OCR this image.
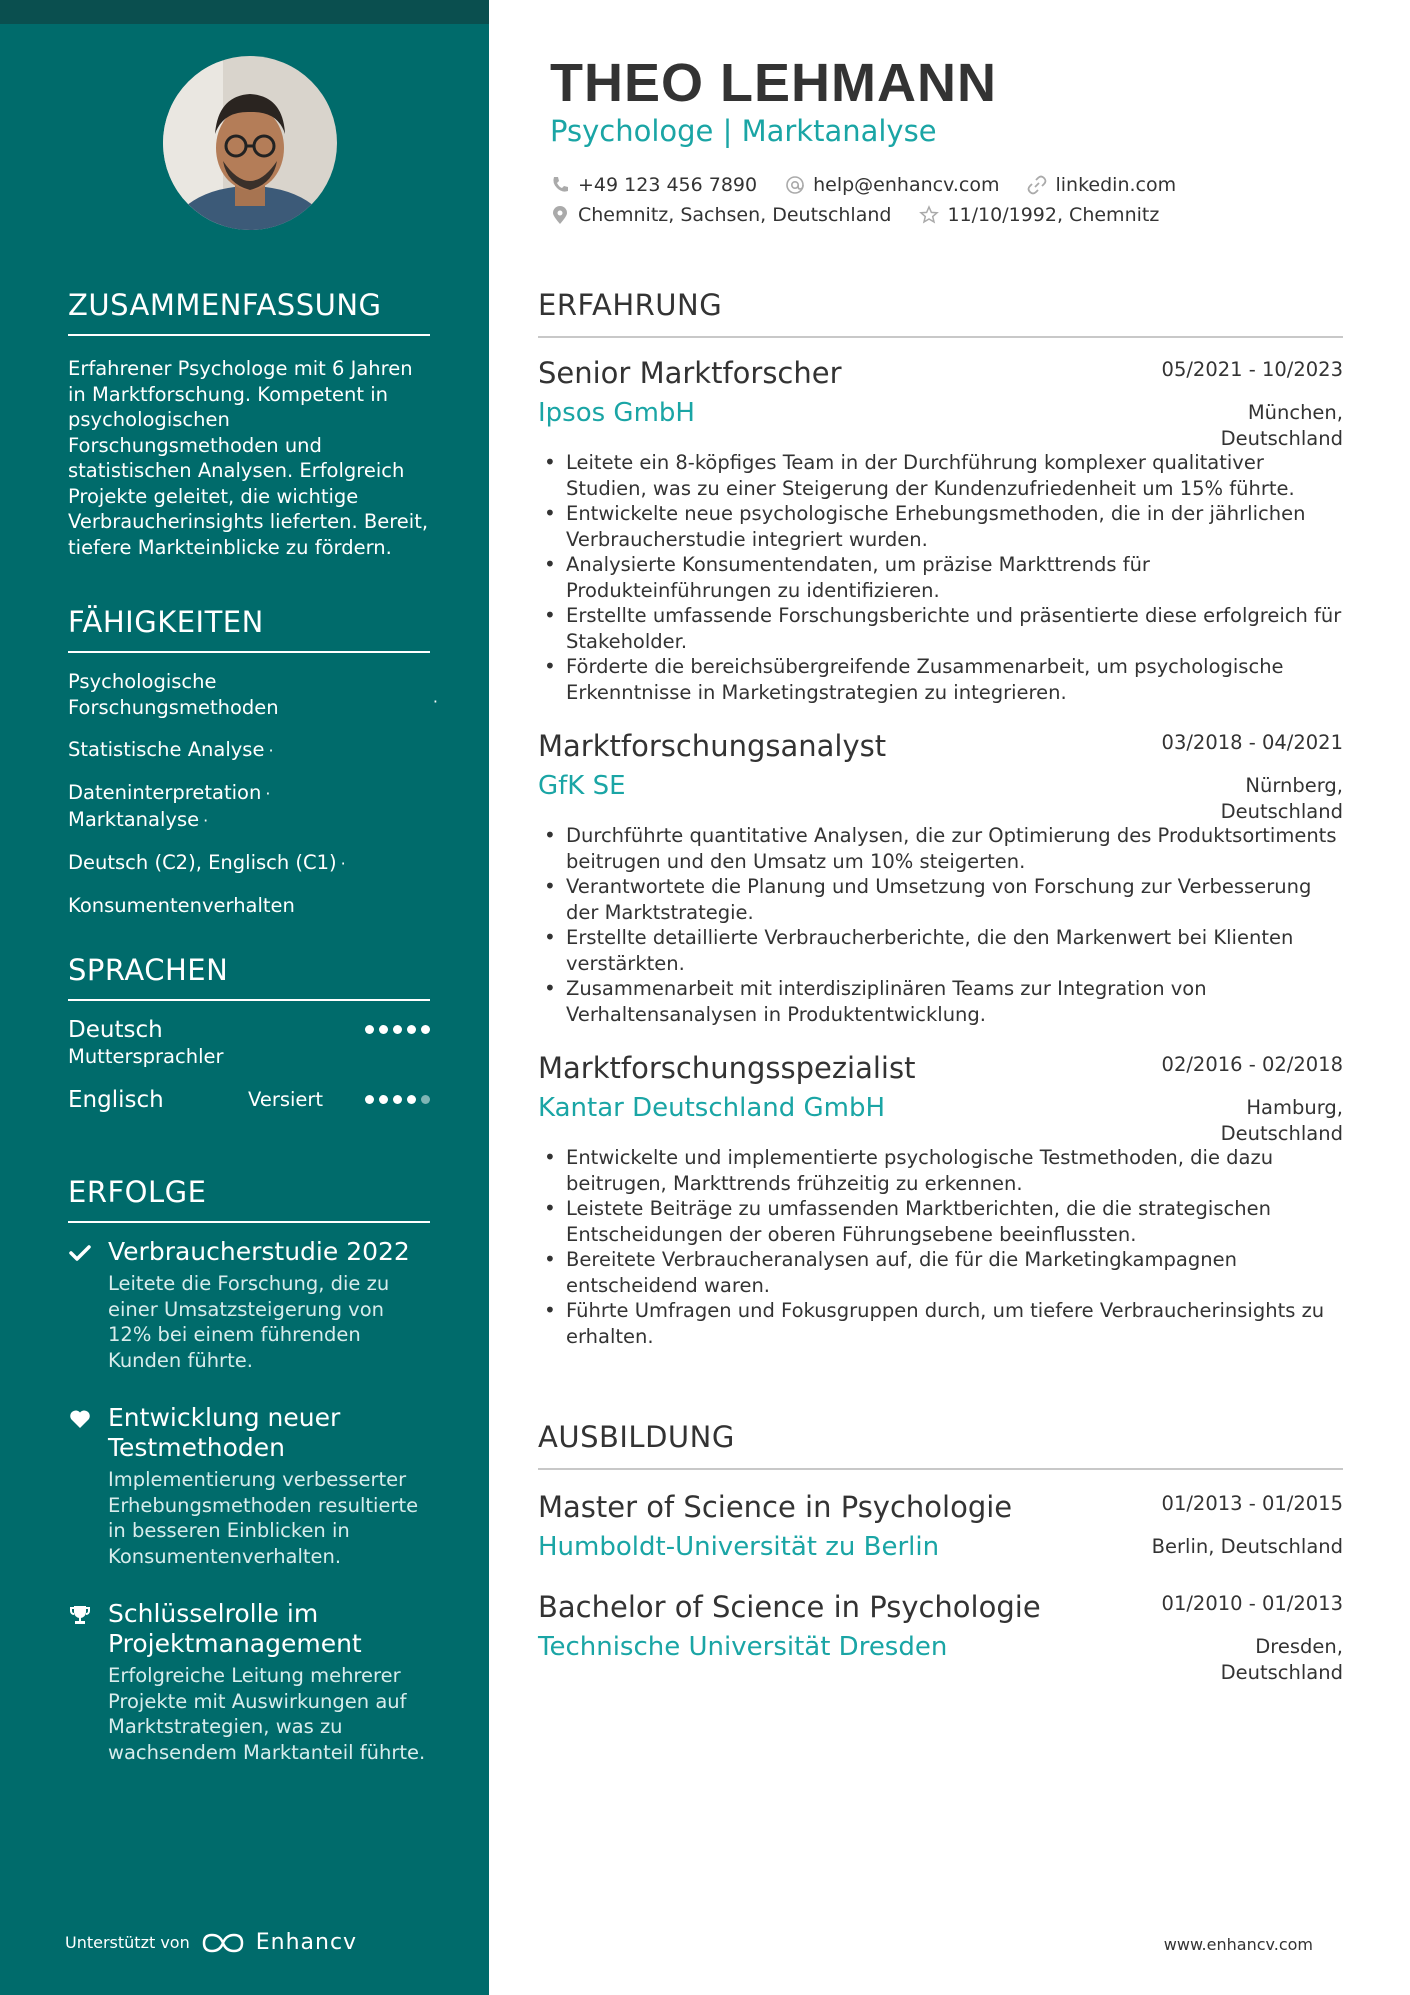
ZUSAMMENFASSUNG
Erfahrener Psychologe mit 6 Jahren in Marktforschung. Kompetent in psychologischen Forschungsmethoden und statistischen Analysen. Erfolgreich Projekte geleitet, die wichtige Verbraucherinsights lieferten. Bereit, tiefere Markteinblicke zu fördern.
FÄHIGKEITEN
Psychologische Forschungsmethoden	·
Statistische Analyse ·
Dateninterpretation · Marktanalyse ·
Deutsch (C2), Englisch (C1) ·
Konsumentenverhalten
SPRACHEN
Deutsch
Muttersprachler
Englisch	Versiert
ERFOLGE
Verbraucherstudie 2022
Leitete die Forschung, die zu einer Umsatzsteigerung von 12% bei einem führenden Kunden führte.
Entwicklung neuer Testmethoden
Implementierung verbesserter Erhebungsmethoden resultierte in besseren Einblicken in Konsumentenverhalten.
Schlüsselrolle im Projektmanagement
Erfolgreiche Leitung mehrerer Projekte mit Auswirkungen auf Marktstrategien, was zu wachsendem Marktanteil führte.
Unterstützt von	Enhancv
THEO LEHMANN
Psychologe | Marktanalyse
+49 123 456 7890	help@enhancv.com	linkedin.com
Chemnitz, Sachsen, Deutschland	11/10/1992, Chemnitz
ERFAHRUNG
Senior Marktforscher	05/2021 - 10/2023
Ipsos GmbH	München, Deutschland
• Leitete ein 8-köpfiges Team in der Durchführung komplexer qualitativer Studien, was zu einer Steigerung der Kundenzufriedenheit um 15% führte.
• Entwickelte neue psychologische Erhebungsmethoden, die in der jährlichen Verbraucherstudie integriert wurden.
• Analysierte Konsumentendaten, um präzise Markttrends für Produkteinführungen zu identifizieren.
• Erstellte umfassende Forschungsberichte und präsentierte diese erfolgreich für Stakeholder.
• Förderte die bereichsübergreifende Zusammenarbeit, um psychologische Erkenntnisse in Marketingstrategien zu integrieren.
Marktforschungsanalyst	03/2018 - 04/2021
GfK SE	Nürnberg, Deutschland
• Durchführte quantitative Analysen, die zur Optimierung des Produktsortiments beitrugen und den Umsatz um 10% steigerten.
• Verantwortete die Planung und Umsetzung von Forschung zur Verbesserung der Marktstrategie.
• Erstellte detaillierte Verbraucherberichte, die den Markenwert bei Klienten verstärkten.
• Zusammenarbeit mit interdisziplinären Teams zur Integration von Verhaltensanalysen in Produktentwicklung.
Marktforschungsspezialist	02/2016 - 02/2018
Kantar Deutschland GmbH	Hamburg, Deutschland
• Entwickelte und implementierte psychologische Testmethoden, die dazu beitrugen, Markttrends frühzeitig zu erkennen.
• Leistete Beiträge zu umfassenden Marktberichten, die die strategischen Entscheidungen der oberen Führungsebene beeinflussten.
• Bereitete Verbraucheranalysen auf, die für die Marketingkampagnen entscheidend waren.
• Führte Umfragen und Fokusgruppen durch, um tiefere Verbraucherinsights zu erhalten.
AUSBILDUNG
Master of Science in Psychologie	01/2013 - 01/2015
Humboldt-Universität zu Berlin	Berlin, Deutschland
Bachelor of Science in Psychologie	01/2010 - 01/2013
Technische Universität Dresden	Dresden, Deutschland
www.enhancv.com
